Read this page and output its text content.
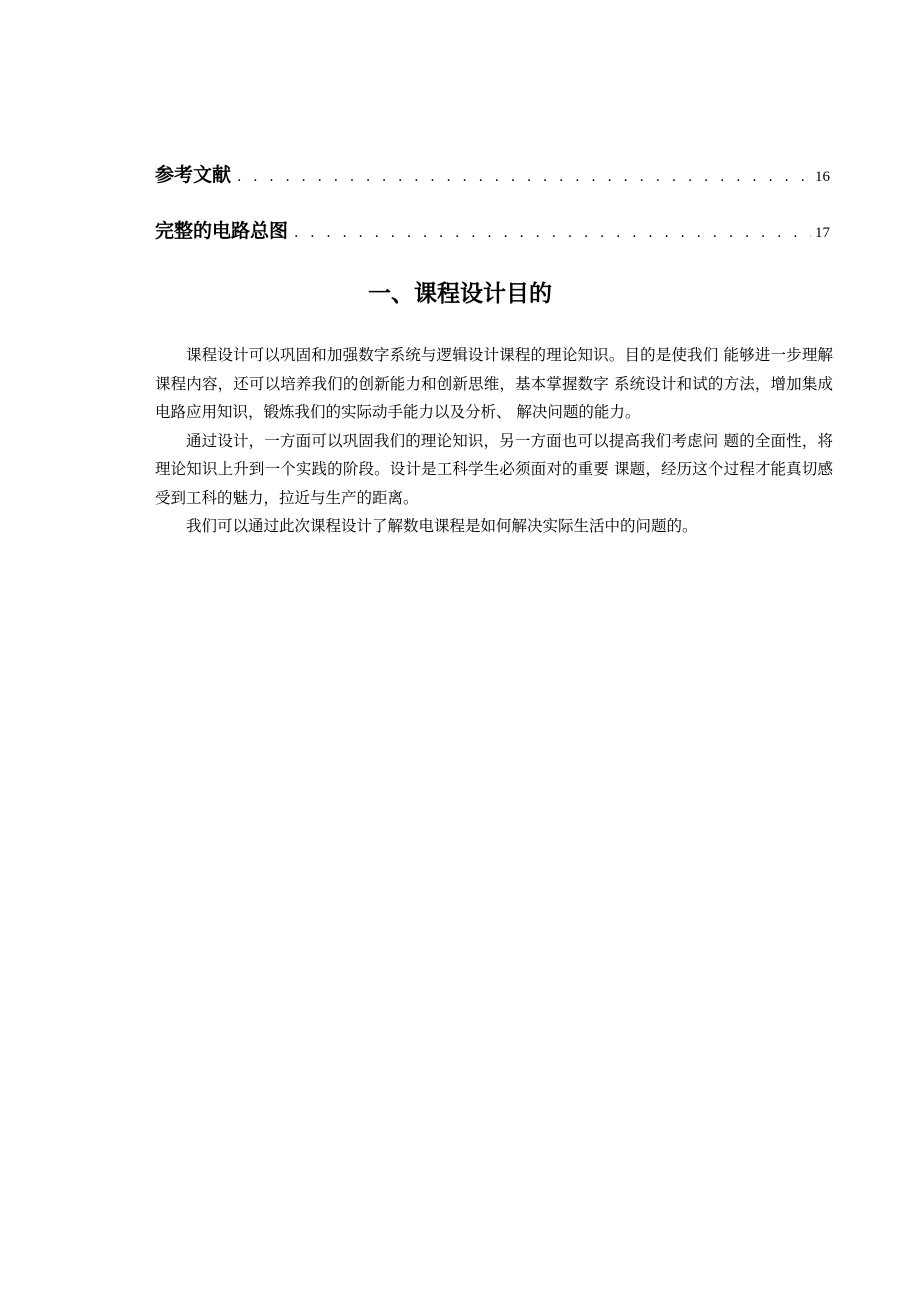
参考文献 . . .	16
完整的电路总图 . . .	17
一、课程设计目的

课程设计可以巩固和加强数字系统与逻辑设计课程的理论知识。目的是使我们 能够进一步理解课程内容，还可以培养我们的创新能力和创新思维，基本掌握数字 系统设计和试的方法，增加集成电路应用知识，锻炼我们的实际动手能力以及分析、 解决问题的能力。

通过设计，一方面可以巩固我们的理论知识，另一方面也可以提高我们考虑问 题的全面性，将理论知识上升到一个实践的阶段。设计是工科学生必须面对的重要 课题，经历这个过程才能真切感受到工科的魅力，拉近与生产的距离。

我们可以通过此次课程设计了解数电课程是如何解决实际生活中的问题的。
